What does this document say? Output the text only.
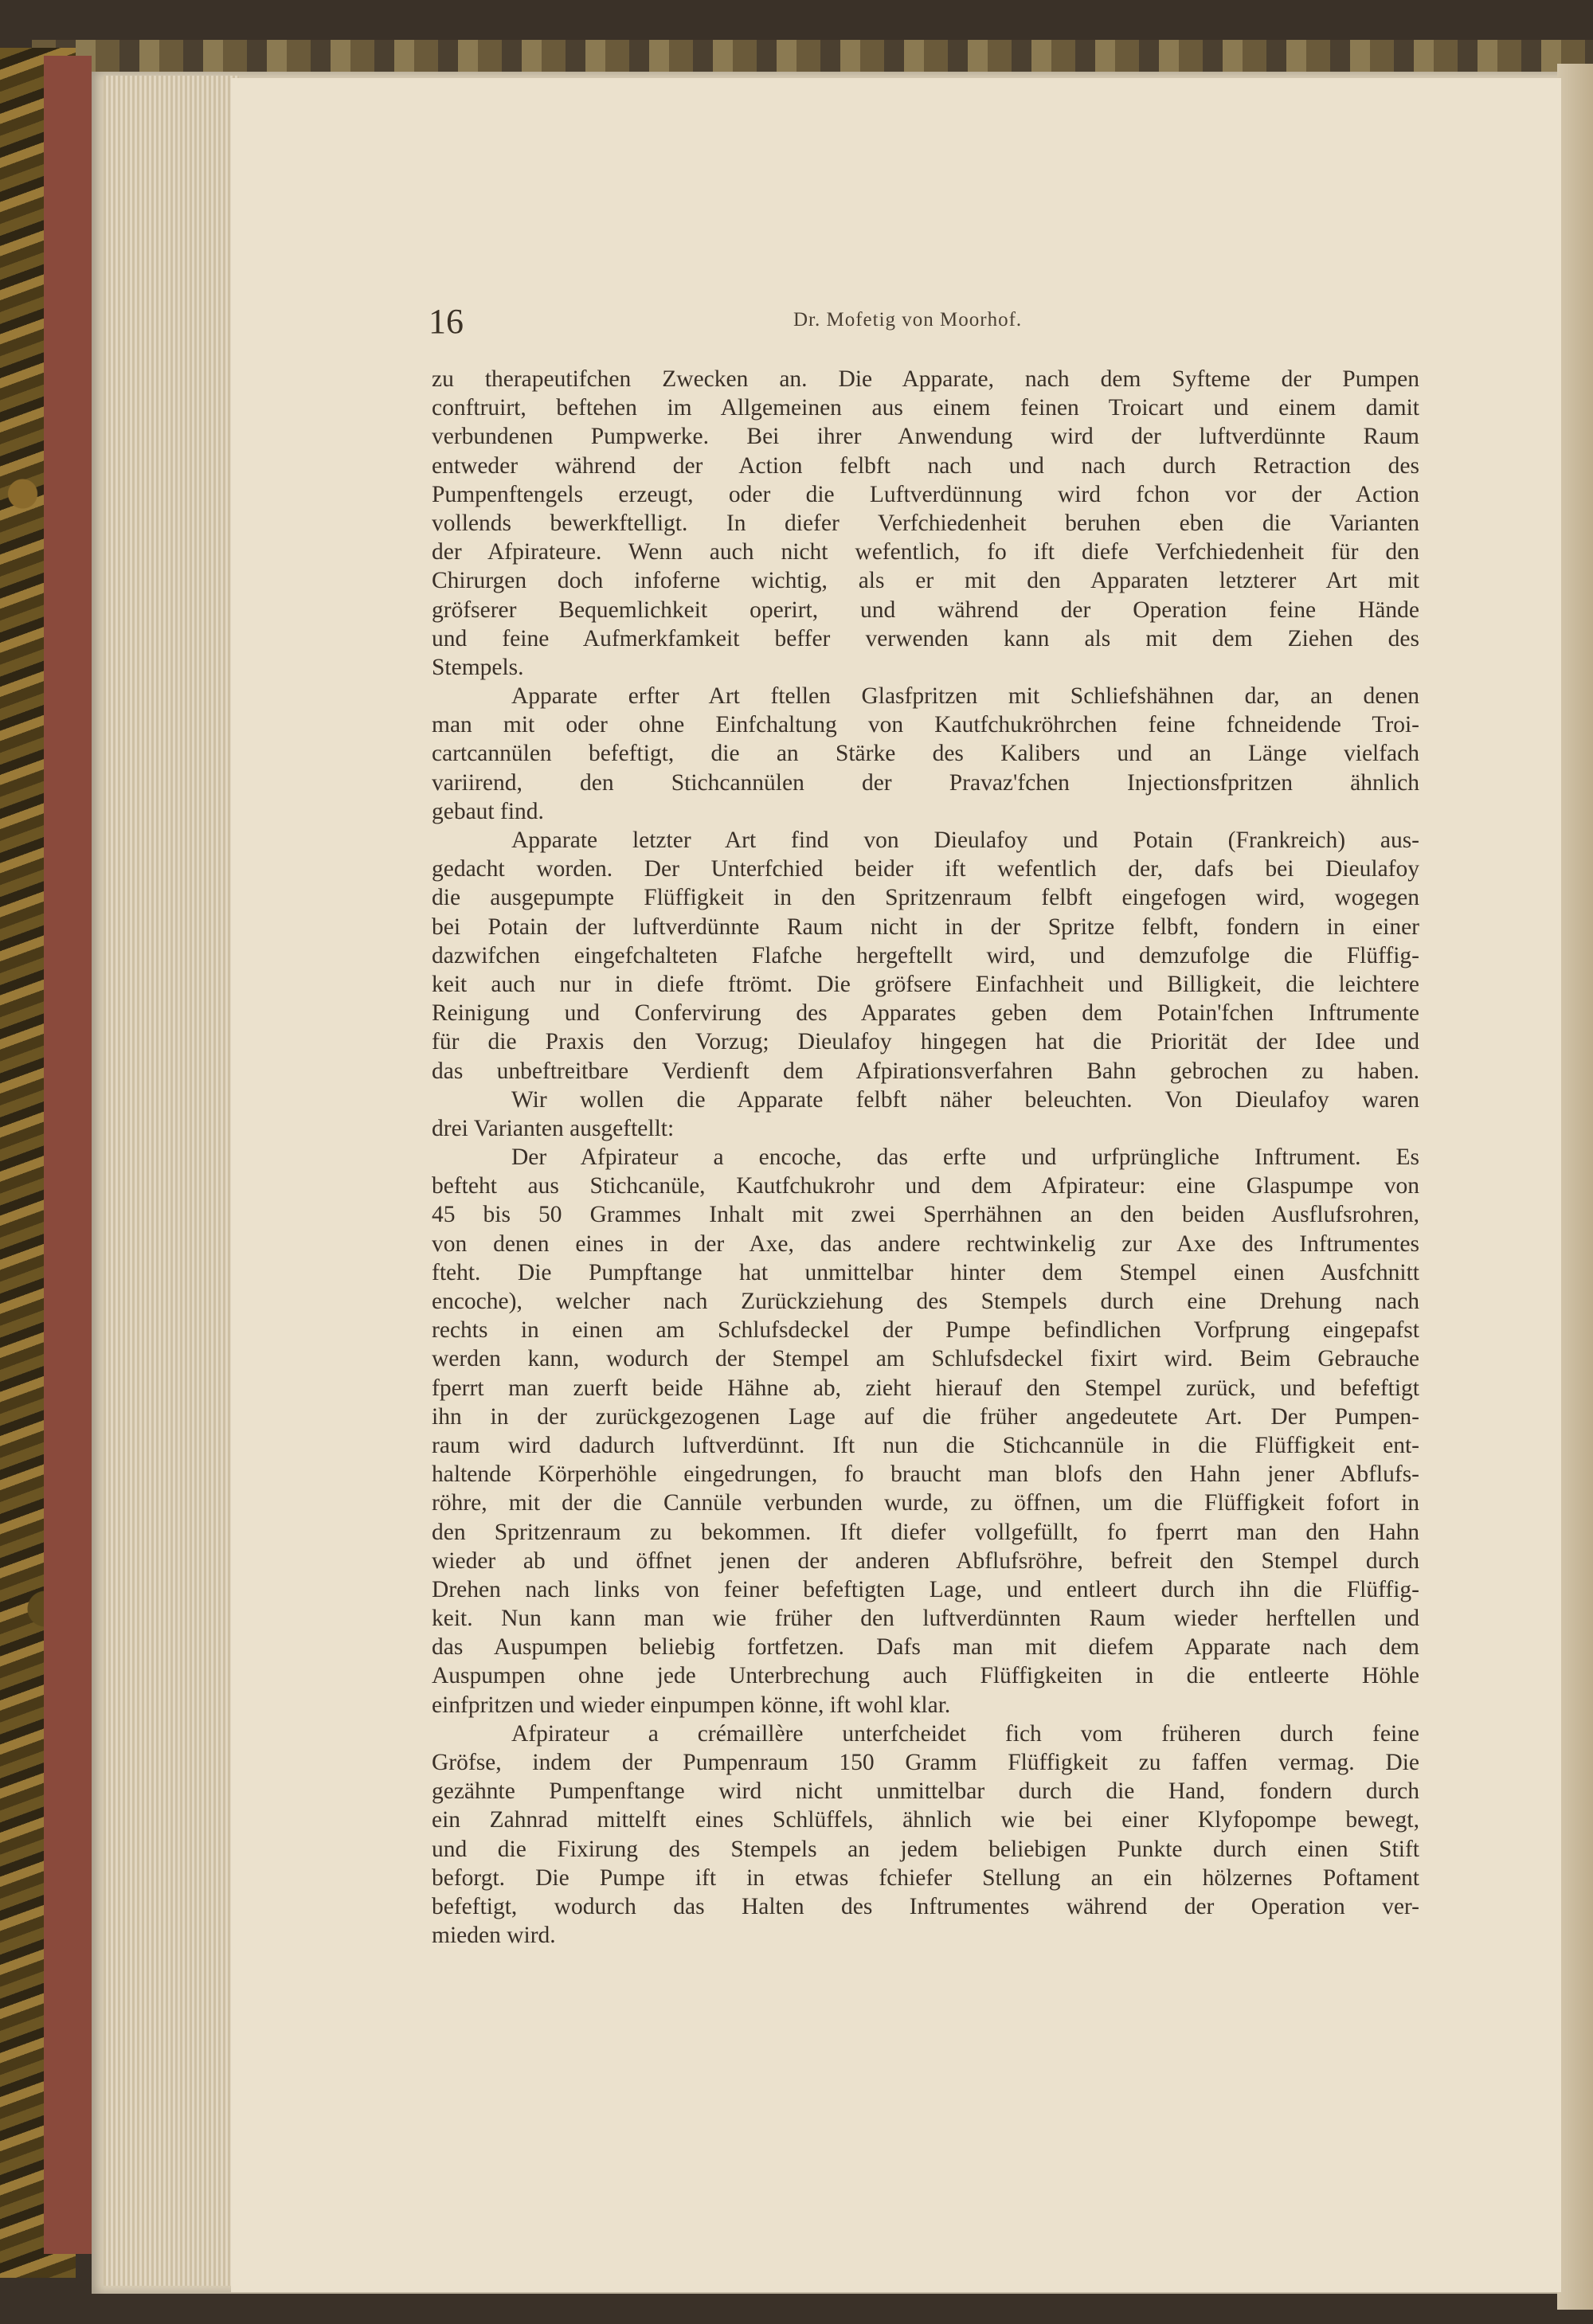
16	Dr. Mofetig von Moorhof.
zu therapeutifchen Zwecken an. Die Apparate, nach dem Syfteme der Pumpen
conftruirt, beftehen im Allgemeinen aus einem feinen Troicart und einem damit
verbundenen Pumpwerke. Bei ihrer Anwendung wird der luftverdünnte Raum
entweder während der Action felbft nach und nach durch Retraction des
Pumpenftengels erzeugt, oder die Luftverdünnung wird fchon vor der Action
vollends bewerkftelligt. In diefer Verfchiedenheit beruhen eben die Varianten
der Afpirateure. Wenn auch nicht wefentlich, fo ift diefe Verfchiedenheit für den
Chirurgen doch infoferne wichtig, als er mit den Apparaten letzterer Art mit
gröfserer Bequemlichkeit operirt, und während der Operation feine Hände
und feine Aufmerkfamkeit beffer verwenden kann als mit dem Ziehen des
Stempels.
Apparate erfter Art ftellen Glasfpritzen mit Schliefshähnen dar, an denen
man mit oder ohne Einfchaltung von Kautfchukröhrchen feine fchneidende Troi-
cartcannülen befeftigt, die an Stärke des Kalibers und an Länge vielfach
variirend, den Stichcannülen der Pravaz'fchen Injectionsfpritzen ähnlich
gebaut find.
Apparate letzter Art find von Dieulafoy und Potain (Frankreich) aus-
gedacht worden. Der Unterfchied beider ift wefentlich der, dafs bei Dieulafoy
die ausgepumpte Flüffigkeit in den Spritzenraum felbft eingefogen wird, wogegen
bei Potain der luftverdünnte Raum nicht in der Spritze felbft, fondern in einer
dazwifchen eingefchalteten Flafche hergeftellt wird, und demzufolge die Flüffig-
keit auch nur in diefe ftrömt. Die gröfsere Einfachheit und Billigkeit, die leichtere
Reinigung und Confervirung des Apparates geben dem Potain'fchen Inftrumente
für die Praxis den Vorzug; Dieulafoy hingegen hat die Priorität der Idee und
das unbeftreitbare Verdienft dem Afpirationsverfahren Bahn gebrochen zu haben.
Wir wollen die Apparate felbft näher beleuchten. Von Dieulafoy waren
drei Varianten ausgeftellt:
Der Afpirateur a encoche, das erfte und urfprüngliche Inftrument. Es
befteht aus Stichcanüle, Kautfchukrohr und dem Afpirateur: eine Glaspumpe von
45 bis 50 Grammes Inhalt mit zwei Sperrhähnen an den beiden Ausflufsrohren,
von denen eines in der Axe, das andere rechtwinkelig zur Axe des Inftrumentes
fteht. Die Pumpftange hat unmittelbar hinter dem Stempel einen Ausfchnitt
encoche), welcher nach Zurückziehung des Stempels durch eine Drehung nach
rechts in einen am Schlufsdeckel der Pumpe befindlichen Vorfprung eingepafst
werden kann, wodurch der Stempel am Schlufsdeckel fixirt wird. Beim Gebrauche
fperrt man zuerft beide Hähne ab, zieht hierauf den Stempel zurück, und befeftigt
ihn in der zurückgezogenen Lage auf die früher angedeutete Art. Der Pumpen-
raum wird dadurch luftverdünnt. Ift nun die Stichcannüle in die Flüffigkeit ent-
haltende Körperhöhle eingedrungen, fo braucht man blofs den Hahn jener Abflufs-
röhre, mit der die Cannüle verbunden wurde, zu öffnen, um die Flüffigkeit fofort in
den Spritzenraum zu bekommen. Ift diefer vollgefüllt, fo fperrt man den Hahn
wieder ab und öffnet jenen der anderen Abflufsröhre, befreit den Stempel durch
Drehen nach links von feiner befeftigten Lage, und entleert durch ihn die Flüffig-
keit. Nun kann man wie früher den luftverdünnten Raum wieder herftellen und
das Auspumpen beliebig fortfetzen. Dafs man mit diefem Apparate nach dem
Auspumpen ohne jede Unterbrechung auch Flüffigkeiten in die entleerte Höhle
einfpritzen und wieder einpumpen könne, ift wohl klar.
Afpirateur a crémaillère unterfcheidet fich vom früheren durch feine
Gröfse, indem der Pumpenraum 150 Gramm Flüffigkeit zu faffen vermag. Die
gezähnte Pumpenftange wird nicht unmittelbar durch die Hand, fondern durch
ein Zahnrad mittelft eines Schlüffels, ähnlich wie bei einer Klyfopompe bewegt,
und die Fixirung des Stempels an jedem beliebigen Punkte durch einen Stift
beforgt. Die Pumpe ift in etwas fchiefer Stellung an ein hölzernes Poftament
befeftigt, wodurch das Halten des Inftrumentes während der Operation ver-
mieden wird.
